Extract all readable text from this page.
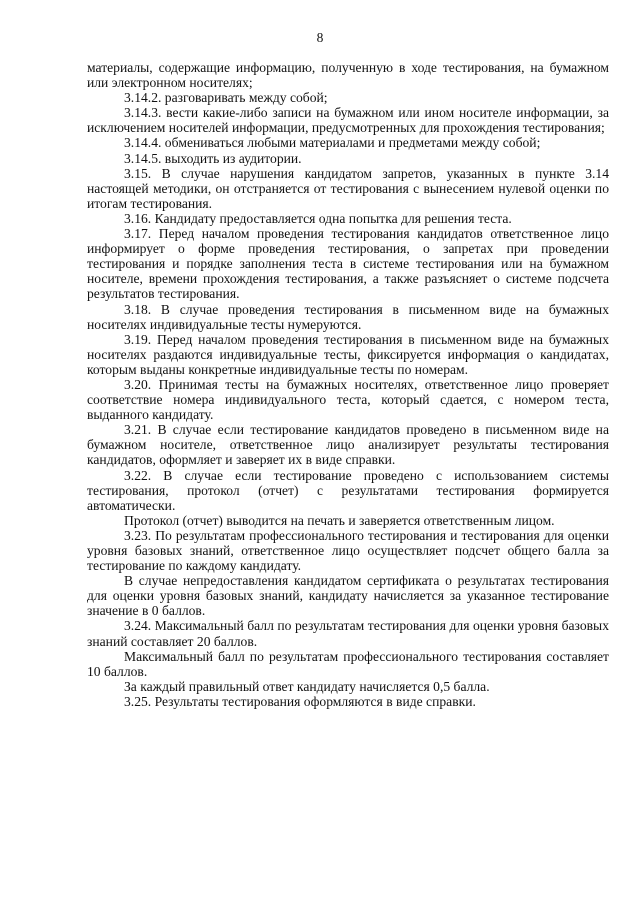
8

материалы, содержащие информацию, полученную в ходе тестирования, на бумажном или электронном носителях;

3.14.2. разговаривать между собой;

3.14.3. вести какие-либо записи на бумажном или ином носителе информации, за исключением носителей информации, предусмотренных для прохождения тестирования;

3.14.4. обмениваться любыми материалами и предметами между собой;

3.14.5. выходить из аудитории.

3.15. В случае нарушения кандидатом запретов, указанных в пункте 3.14 настоящей методики, он отстраняется от тестирования с вынесением нулевой оценки по итогам тестирования.

3.16. Кандидату предоставляется одна попытка для решения теста.

3.17. Перед началом проведения тестирования кандидатов ответственное лицо информирует о форме проведения тестирования, о запретах при проведении тестирования и порядке заполнения теста в системе тестирования или на бумажном носителе, времени прохождения тестирования, а также разъясняет о системе подсчета результатов тестирования.

3.18. В случае проведения тестирования в письменном виде на бумажных носителях индивидуальные тесты нумеруются.

3.19. Перед началом проведения тестирования в письменном виде на бумажных носителях раздаются индивидуальные тесты, фиксируется информация о кандидатах, которым выданы конкретные индивидуальные тесты по номерам.

3.20. Принимая тесты на бумажных носителях, ответственное лицо проверяет соответствие номера индивидуального теста, который сдается, с номером теста, выданного кандидату.

3.21. В случае если тестирование кандидатов проведено в письменном виде на бумажном носителе, ответственное лицо анализирует результаты тестирования кандидатов, оформляет и заверяет их в виде справки.

3.22. В случае если тестирование проведено с использованием системы тестирования, протокол (отчет) с результатами тестирования формируется автоматически.

Протокол (отчет) выводится на печать и заверяется ответственным лицом.

3.23. По результатам профессионального тестирования и тестирования для оценки уровня базовых знаний, ответственное лицо осуществляет подсчет общего балла за тестирование по каждому кандидату.

В случае непредоставления кандидатом сертификата о результатах тестирования для оценки уровня базовых знаний, кандидату начисляется за указанное тестирование значение в 0 баллов.

3.24. Максимальный балл по результатам тестирования для оценки уровня базовых знаний составляет 20 баллов.

Максимальный балл по результатам профессионального тестирования составляет 10 баллов.

За каждый правильный ответ кандидату начисляется 0,5 балла.

3.25. Результаты тестирования оформляются в виде справки.
